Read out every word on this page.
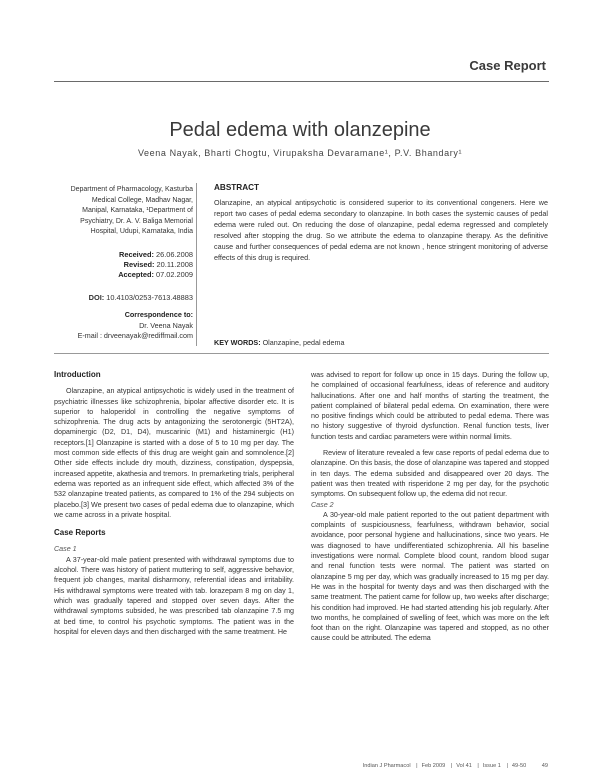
Case Report
Pedal edema with olanzepine
Veena Nayak, Bharti Chogtu, Virupaksha Devaramane¹, P.V. Bhandary¹
Department of Pharmacology, Kasturba
Medical College, Madhav Nagar,
Manipal, Karnataka, ¹Department of
Psychiatry, Dr. A. V. Baliga Memorial
Hospital, Udupi, Karnataka, India
Received: 26.06.2008
Revised: 20.11.2008
Accepted: 07.02.2009
DOI: 10.4103/0253-7613.48883
Correspondence to:
Dr. Veena Nayak
E-mail : drveenayak@rediffmail.com
ABSTRACT
Olanzapine, an atypical antipsychotic is considered superior to its conventional congeners. Here we report two cases of pedal edema secondary to olanzapine. In both cases the systemic causes of pedal edema were ruled out. On reducing the dose of olanzapine, pedal edema regressed and completely resolved after stopping the drug. So we attribute the edema to olanzapine therapy. As the definitive cause and further consequences of pedal edema are not known , hence stringent monitoring of adverse effects of this drug is required.
KEY WORDS: Olanzapine, pedal edema

Introduction

Olanzapine, an atypical antipsychotic is widely used in the treatment of psychiatric illnesses like schizophrenia, bipolar affective disorder etc. It is superior to haloperidol in controlling the negative symptoms of schizophrenia. The drug acts by antagonizing the serotonergic (5HT2A), dopaminergic (D2, D1, D4), muscarinic (M1) and histaminergic (H1) receptors.[1] Olanzapine is started with a dose of 5 to 10 mg per day. The most common side effects of this drug are weight gain and somnolence.[2] Other side effects include dry mouth, dizziness, constipation, dyspepsia, increased appetite, akathesia and tremors. In premarketing trials, peripheral edema was reported as an infrequent side effect, which affected 3% of the 532 olanzapine treated patients, as compared to 1% of the 294 subjects on placebo.[3] We present two cases of pedal edema due to olanzapine, which we came across in a private hospital.

Case Reports

Case 1

A 37-year-old male patient presented with withdrawal symptoms due to alcohol. There was history of patient muttering to self, aggressive behavior, frequent job changes, marital disharmony, referential ideas and irritability. His withdrawal symptoms were treated with tab. lorazepam 8 mg on day 1, which was gradually tapered and stopped over seven days. After the withdrawal symptoms subsided, he was prescribed tab olanzapine 7.5 mg at bed time, to control his psychotic symptoms. The patient was in the hospital for eleven days and then discharged with the same treatment. He

was advised to report for follow up once in 15 days. During the follow up, he complained of occasional fearfulness, ideas of reference and auditory hallucinations. After one and half months of starting the treatment, the patient complained of bilateral pedal edema. On examination, there were no positive findings which could be attributed to pedal edema. There was no history suggestive of thyroid dysfunction. Renal function tests, liver function tests and cardiac parameters were within normal limits.

Review of literature revealed a few case reports of pedal edema due to olanzapine. On this basis, the dose of olanzapine was tapered and stopped in ten days. The edema subsided and disappeared over 20 days. The patient was then treated with risperidone 2 mg per day, for the psychotic symptoms. On subsequent follow up, the edema did not recur.

Case 2

A 30-year-old male patient reported to the out patient department with complaints of suspiciousness, fearfulness, withdrawn behavior, social avoidance, poor personal hygiene and hallucinations, since two years. He was diagnosed to have undifferentiated schizophrenia. All his baseline investigations were normal. Complete blood count, random blood sugar and renal function tests were normal. The patient was started on olanzapine 5 mg per day, which was gradually increased to 15 mg per day. He was in the hospital for twenty days and was then discharged with the same treatment. The patient came for follow up, two weeks after discharge; his condition had improved. He had started attending his job regularly. After two months, he complained of swelling of feet, which was more on the left foot than on the right. Olanzapine was tapered and stopped, as no other cause could be attributed. The edema

Indian J Pharmacol | Feb 2009 | Vol 41 | Issue 1 | 49-50	49
